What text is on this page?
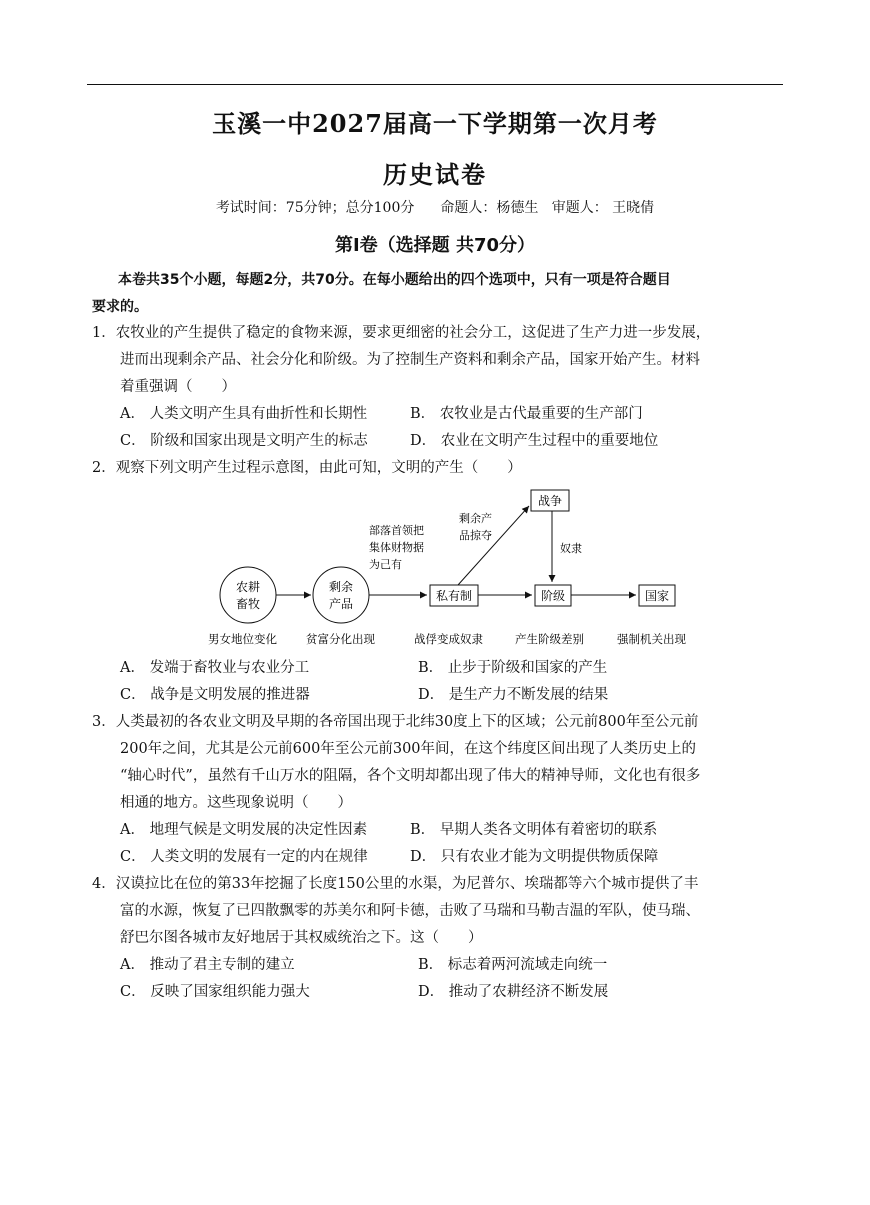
玉溪一中2027届高一下学期第一次月考
历史试卷
考试时间：75分钟；总分100分 命题人：杨德生 审题人： 王晓倩
第Ⅰ卷（选择题 共70分）
本卷共35个小题，每题2分，共70分。在每小题给出的四个选项中，只有一项是符合题目
要求的。
1．农牧业的产生提供了稳定的食物来源，要求更细密的社会分工，这促进了生产力进一步发展，
进而出现剩余产品、社会分化和阶级。为了控制生产资料和剩余产品，国家开始产生。材料
着重强调（　　）
A． 人类文明产生具有曲折性和长期性	B． 农牧业是古代最重要的生产部门
C． 阶级和国家出现是文明产生的标志	D． 农业在文明产生过程中的重要地位
2．观察下列文明产生过程示意图，由此可知，文明的产生（　　）
农耕
畜牧
剩余
产品
私有制	阶级	国家
战争
部落首领把
集体财物据
为己有
剩余产
品掠夺
奴隶
男女地位变化	贫富分化出现	战俘变成奴隶	产生阶级差别	强制机关出现
A． 发端于畜牧业与农业分工	B． 止步于阶级和国家的产生
C． 战争是文明发展的推进器	D． 是生产力不断发展的结果
3．人类最初的各农业文明及早期的各帝国出现于北纬30度上下的区域；公元前800年至公元前
200年之间，尤其是公元前600年至公元前300年间，在这个纬度区间出现了人类历史上的
“轴心时代”，虽然有千山万水的阻隔，各个文明却都出现了伟大的精神导师，文化也有很多
相通的地方。这些现象说明（　　）
A． 地理气候是文明发展的决定性因素	B． 早期人类各文明体有着密切的联系
C． 人类文明的发展有一定的内在规律	D． 只有农业才能为文明提供物质保障
4．汉谟拉比在位的第33年挖掘了长度150公里的水渠，为尼普尔、埃瑞都等六个城市提供了丰
富的水源，恢复了已四散飘零的苏美尔和阿卡德，击败了马瑞和马勒吉温的军队，使马瑞、
舒巴尔图各城市友好地居于其权威统治之下。这（　　）
A． 推动了君主专制的建立	B． 标志着两河流域走向统一
C． 反映了国家组织能力强大	D． 推动了农耕经济不断发展
